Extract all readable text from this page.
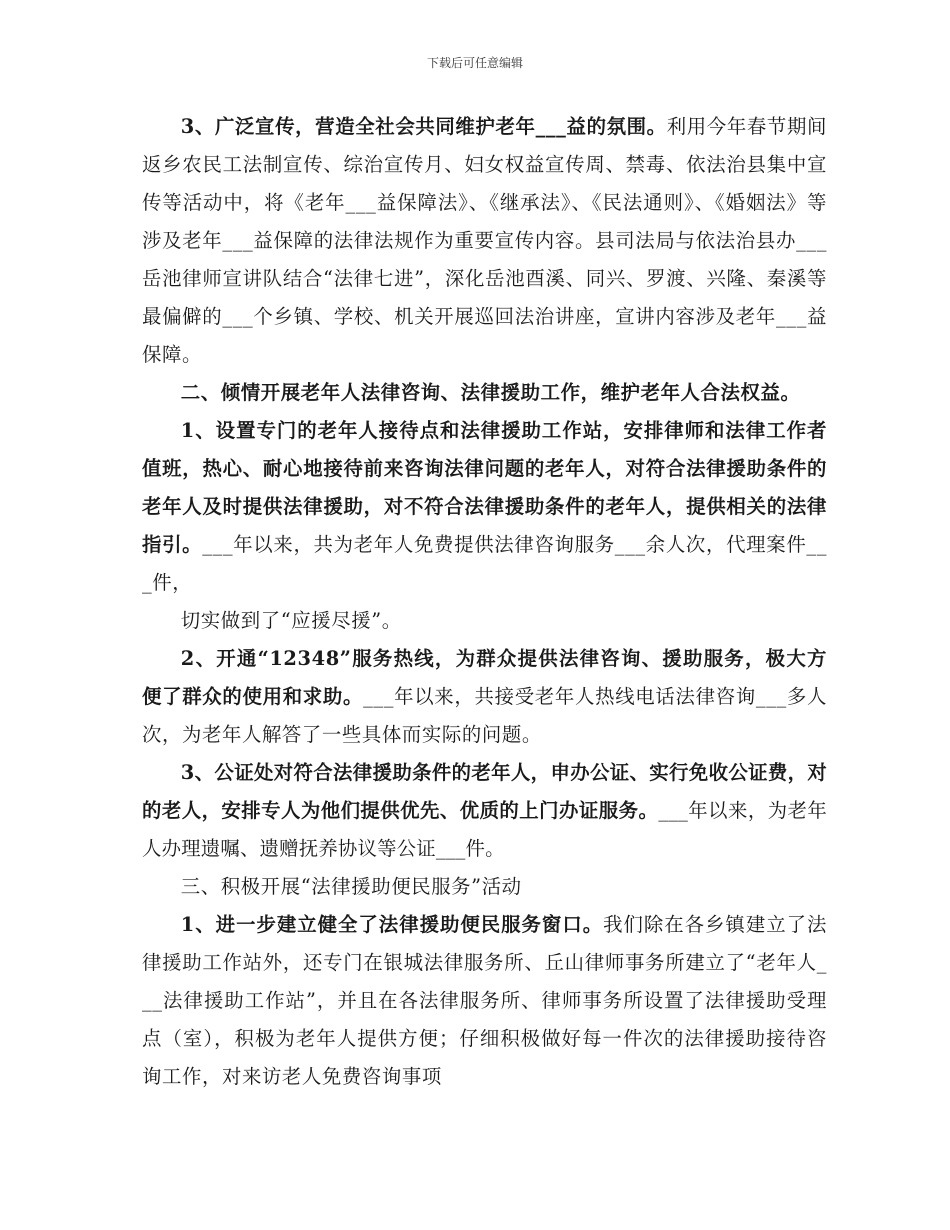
下载后可任意编辑

3、广泛宣传，营造全社会共同维护老年___益的氛围。利用今年春节期间返乡农民工法制宣传、综治宣传月、妇女权益宣传周、禁毒、依法治县集中宣传等活动中，将《老年___益保障法》、《继承法》、《民法通则》、《婚姻法》等涉及老年___益保障的法律法规作为重要宣传内容。县司法局与依法治县办___岳池律师宣讲队结合“法律七进”，深化岳池酉溪、同兴、罗渡、兴隆、秦溪等最偏僻的___个乡镇、学校、机关开展巡回法治讲座，宣讲内容涉及老年___益保障。

二、倾情开展老年人法律咨询、法律援助工作，维护老年人合法权益。

1、设置专门的老年人接待点和法律援助工作站，安排律师和法律工作者值班，热心、耐心地接待前来咨询法律问题的老年人，对符合法律援助条件的老年人及时提供法律援助，对不符合法律援助条件的老年人，提供相关的法律指引。___年以来，共为老年人免费提供法律咨询服务___余人次，代理案件___件，

切实做到了“应援尽援”。

2、开通“12348”服务热线，为群众提供法律咨询、援助服务，极大方便了群众的使用和求助。___年以来，共接受老年人热线电话法律咨询___多人次，为老年人解答了一些具体而实际的问题。

3、公证处对符合法律援助条件的老年人，申办公证、实行免收公证费，对的老人，安排专人为他们提供优先、优质的上门办证服务。___年以来，为老年人办理遗嘱、遗赠抚养协议等公证___件。

三、积极开展“法律援助便民服务”活动

1、进一步建立健全了法律援助便民服务窗口。我们除在各乡镇建立了法律援助工作站外，还专门在银城法律服务所、丘山律师事务所建立了“老年人___法律援助工作站”，并且在各法律服务所、律师事务所设置了法律援助受理点（室），积极为老年人提供方便；仔细积极做好每一件次的法律援助接待咨询工作，对来访老人免费咨询事项
